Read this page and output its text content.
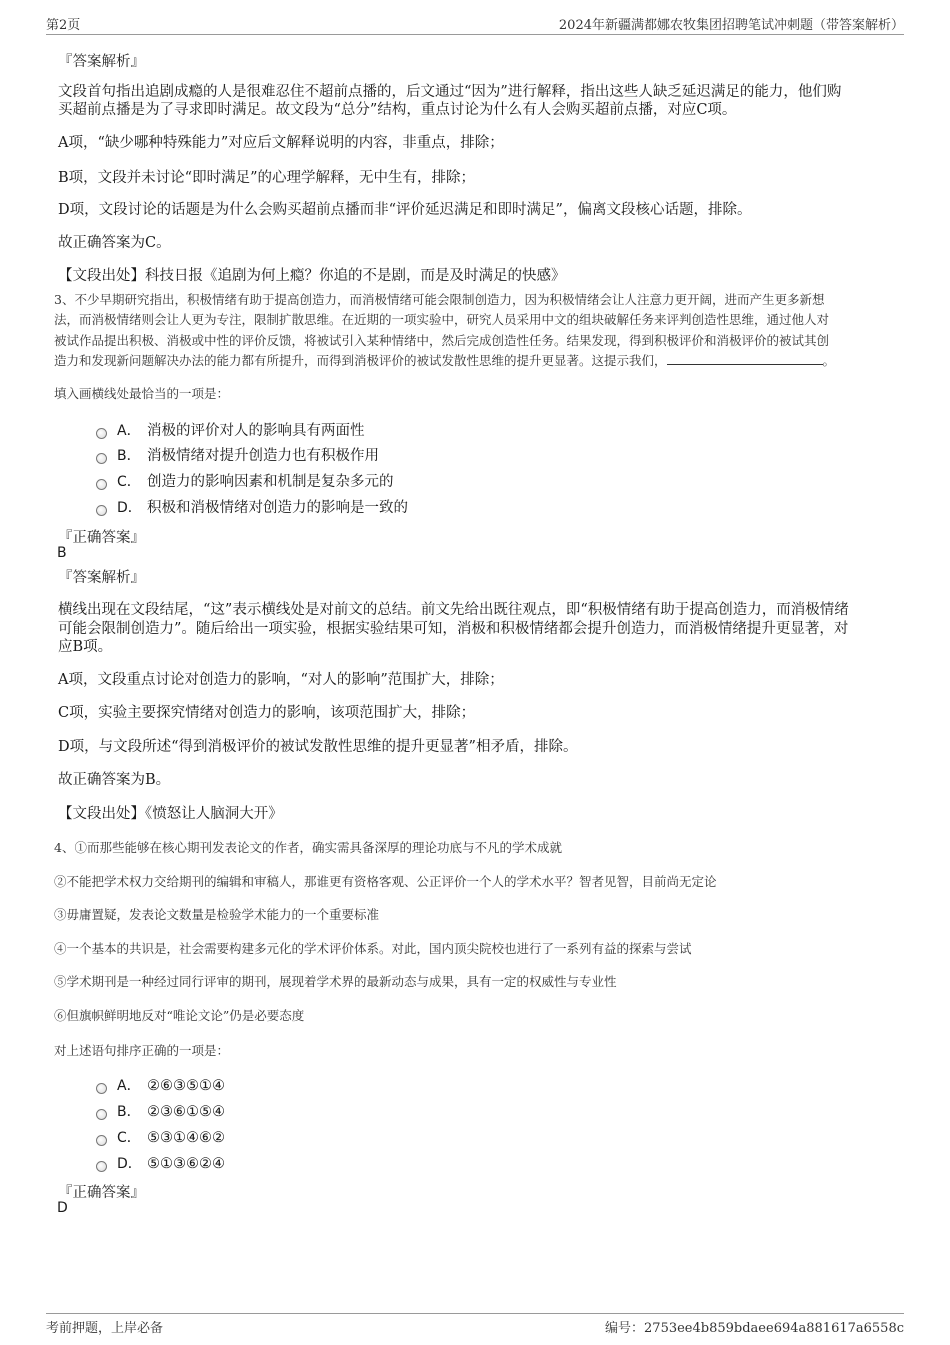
第2页	2024年新疆满都娜农牧集团招聘笔试冲刺题（带答案解析）
『答案解析』
文段首句指出追剧成瘾的人是很难忍住不超前点播的，后文通过“因为”进行解释，指出这些人缺乏延迟满足的能力，他们购
买超前点播是为了寻求即时满足。故文段为“总分”结构，重点讨论为什么有人会购买超前点播，对应C项。
A项，“缺少哪种特殊能力”对应后文解释说明的内容，非重点，排除；
B项，文段并未讨论“即时满足”的心理学解释，无中生有，排除；
D项，文段讨论的话题是为什么会购买超前点播而非“评价延迟满足和即时满足”，偏离文段核心话题，排除。
故正确答案为C。
【文段出处】科技日报《追剧为何上瘾？你追的不是剧，而是及时满足的快感》
3、不少早期研究指出，积极情绪有助于提高创造力，而消极情绪可能会限制创造力，因为积极情绪会让人注意力更开阔，进而产生更多新想
法，而消极情绪则会让人更为专注，限制扩散思维。在近期的一项实验中，研究人员采用中文的组块破解任务来评判创造性思维，通过他人对
被试作品提出积极、消极或中性的评价反馈，将被试引入某种情绪中，然后完成创造性任务。结果发现，得到积极评价和消极评价的被试其创
造力和发现新问题解决办法的能力都有所提升，而得到消极评价的被试发散性思维的提升更显著。这提示我们，	。
填入画横线处最恰当的一项是：
A． 消极的评价对人的影响具有两面性
B． 消极情绪对提升创造力也有积极作用
C． 创造力的影响因素和机制是复杂多元的
D． 积极和消极情绪对创造力的影响是一致的
『正确答案』
B
『答案解析』
横线出现在文段结尾，“这”表示横线处是对前文的总结。前文先给出既往观点，即“积极情绪有助于提高创造力，而消极情绪
可能会限制创造力”。随后给出一项实验，根据实验结果可知，消极和积极情绪都会提升创造力，而消极情绪提升更显著，对
应B项。
A项，文段重点讨论对创造力的影响，“对人的影响”范围扩大，排除；
C项，实验主要探究情绪对创造力的影响，该项范围扩大，排除；
D项，与文段所述“得到消极评价的被试发散性思维的提升更显著”相矛盾，排除。
故正确答案为B。
【文段出处】《愤怒让人脑洞大开》
4、①而那些能够在核心期刊发表论文的作者，确实需具备深厚的理论功底与不凡的学术成就
②不能把学术权力交给期刊的编辑和审稿人，那谁更有资格客观、公正评价一个人的学术水平？智者见智，目前尚无定论
③毋庸置疑，发表论文数量是检验学术能力的一个重要标准
④一个基本的共识是，社会需要构建多元化的学术评价体系。对此，国内顶尖院校也进行了一系列有益的探索与尝试
⑤学术期刊是一种经过同行评审的期刊，展现着学术界的最新动态与成果，具有一定的权威性与专业性
⑥但旗帜鲜明地反对“唯论文论”仍是必要态度
对上述语句排序正确的一项是：
A． ②⑥③⑤①④
B． ②③⑥①⑤④
C． ⑤③①④⑥②
D． ⑤①③⑥②④
『正确答案』
D
考前押题，上岸必备	编号：2753ee4b859bdaee694a881617a6558c
